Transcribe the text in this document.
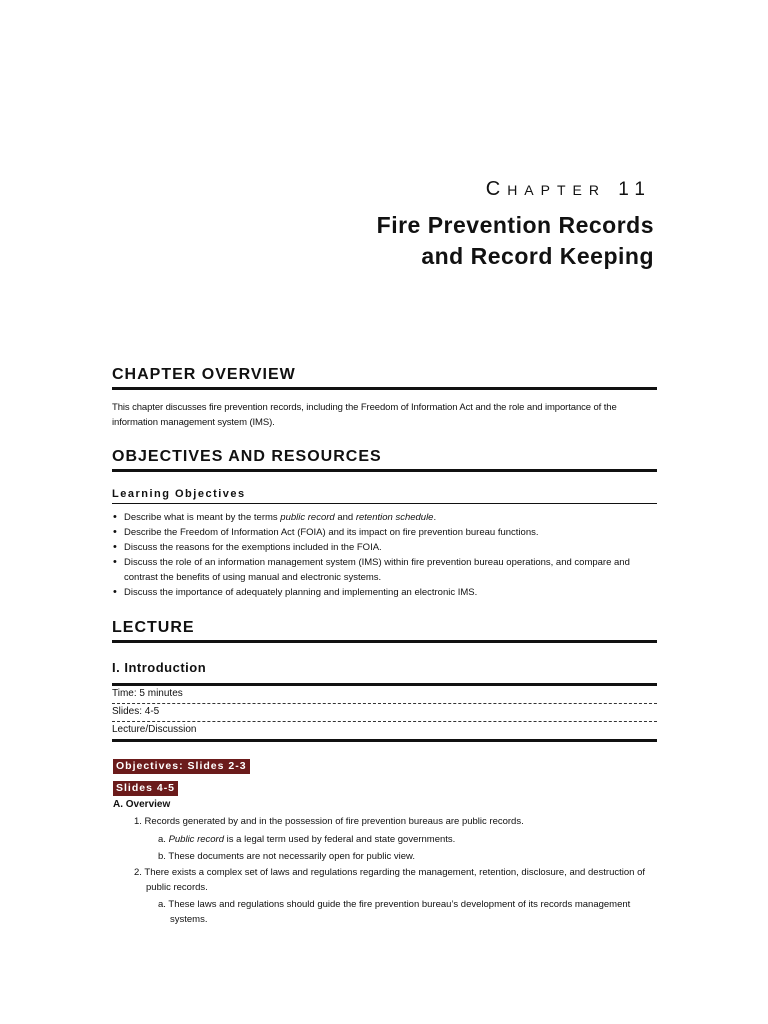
CHAPTER 11
Fire Prevention Records
and Record Keeping
CHAPTER OVERVIEW
This chapter discusses fire prevention records, including the Freedom of Information Act and the role and importance of the information management system (IMS).
OBJECTIVES AND RESOURCES
Learning Objectives
• Describe what is meant by the terms public record and retention schedule.
• Describe the Freedom of Information Act (FOIA) and its impact on fire prevention bureau functions.
• Discuss the reasons for the exemptions included in the FOIA.
• Discuss the role of an information management system (IMS) within fire prevention bureau operations, and compare and contrast the benefits of using manual and electronic systems.
• Discuss the importance of adequately planning and implementing an electronic IMS.
LECTURE
I. Introduction
Time: 5 minutes
Slides: 4-5
Lecture/Discussion
Objectives: Slides 2-3
Slides 4-5
A. Overview
1. Records generated by and in the possession of fire prevention bureaus are public records.
a. Public record is a legal term used by federal and state governments.
b. These documents are not necessarily open for public view.
2. There exists a complex set of laws and regulations regarding the management, retention, disclosure, and destruction of public records.
a. These laws and regulations should guide the fire prevention bureau’s development of its records management systems.
